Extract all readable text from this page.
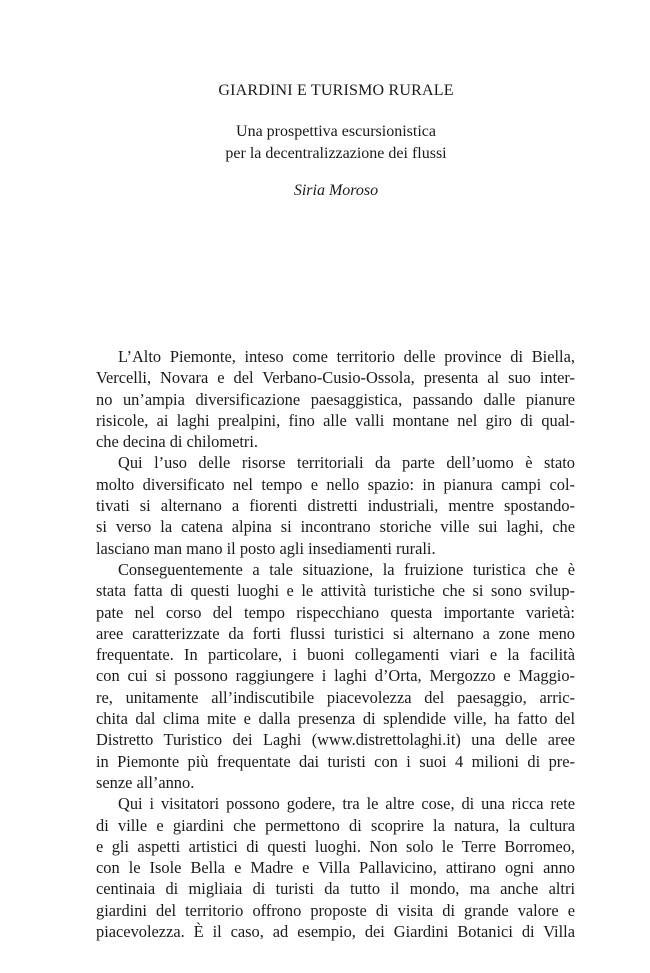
GIARDINI E TURISMO RURALE
Una prospettiva escursionistica
per la decentralizzazione dei flussi
Siria Moroso

L’Alto Piemonte, inteso come territorio delle province di Biella,
Vercelli, Novara e del Verbano-Cusio-Ossola, presenta al suo inter-
no un’ampia diversificazione paesaggistica, passando dalle pianure
risicole, ai laghi prealpini, fino alle valli montane nel giro di qual-
che decina di chilometri.

Qui l’uso delle risorse territoriali da parte dell’uomo è stato
molto diversificato nel tempo e nello spazio: in pianura campi col-
tivati si alternano a fiorenti distretti industriali, mentre spostando-
si verso la catena alpina si incontrano storiche ville sui laghi, che
lasciano man mano il posto agli insediamenti rurali.

Conseguentemente a tale situazione, la fruizione turistica che è
stata fatta di questi luoghi e le attività turistiche che si sono svilup-
pate nel corso del tempo rispecchiano questa importante varietà:
aree caratterizzate da forti flussi turistici si alternano a zone meno
frequentate. In particolare, i buoni collegamenti viari e la facilità
con cui si possono raggiungere i laghi d’Orta, Mergozzo e Maggio-
re, unitamente all’indiscutibile piacevolezza del paesaggio, arric-
chita dal clima mite e dalla presenza di splendide ville, ha fatto del
Distretto Turistico dei Laghi (www.distrettolaghi.it) una delle aree
in Piemonte più frequentate dai turisti con i suoi 4 milioni di pre-
senze all’anno.

Qui i visitatori possono godere, tra le altre cose, di una ricca rete
di ville e giardini che permettono di scoprire la natura, la cultura
e gli aspetti artistici di questi luoghi. Non solo le Terre Borromeo,
con le Isole Bella e Madre e Villa Pallavicino, attirano ogni anno
centinaia di migliaia di turisti da tutto il mondo, ma anche altri
giardini del territorio offrono proposte di visita di grande valore e
piacevolezza. È il caso, ad esempio, dei Giardini Botanici di Villa
